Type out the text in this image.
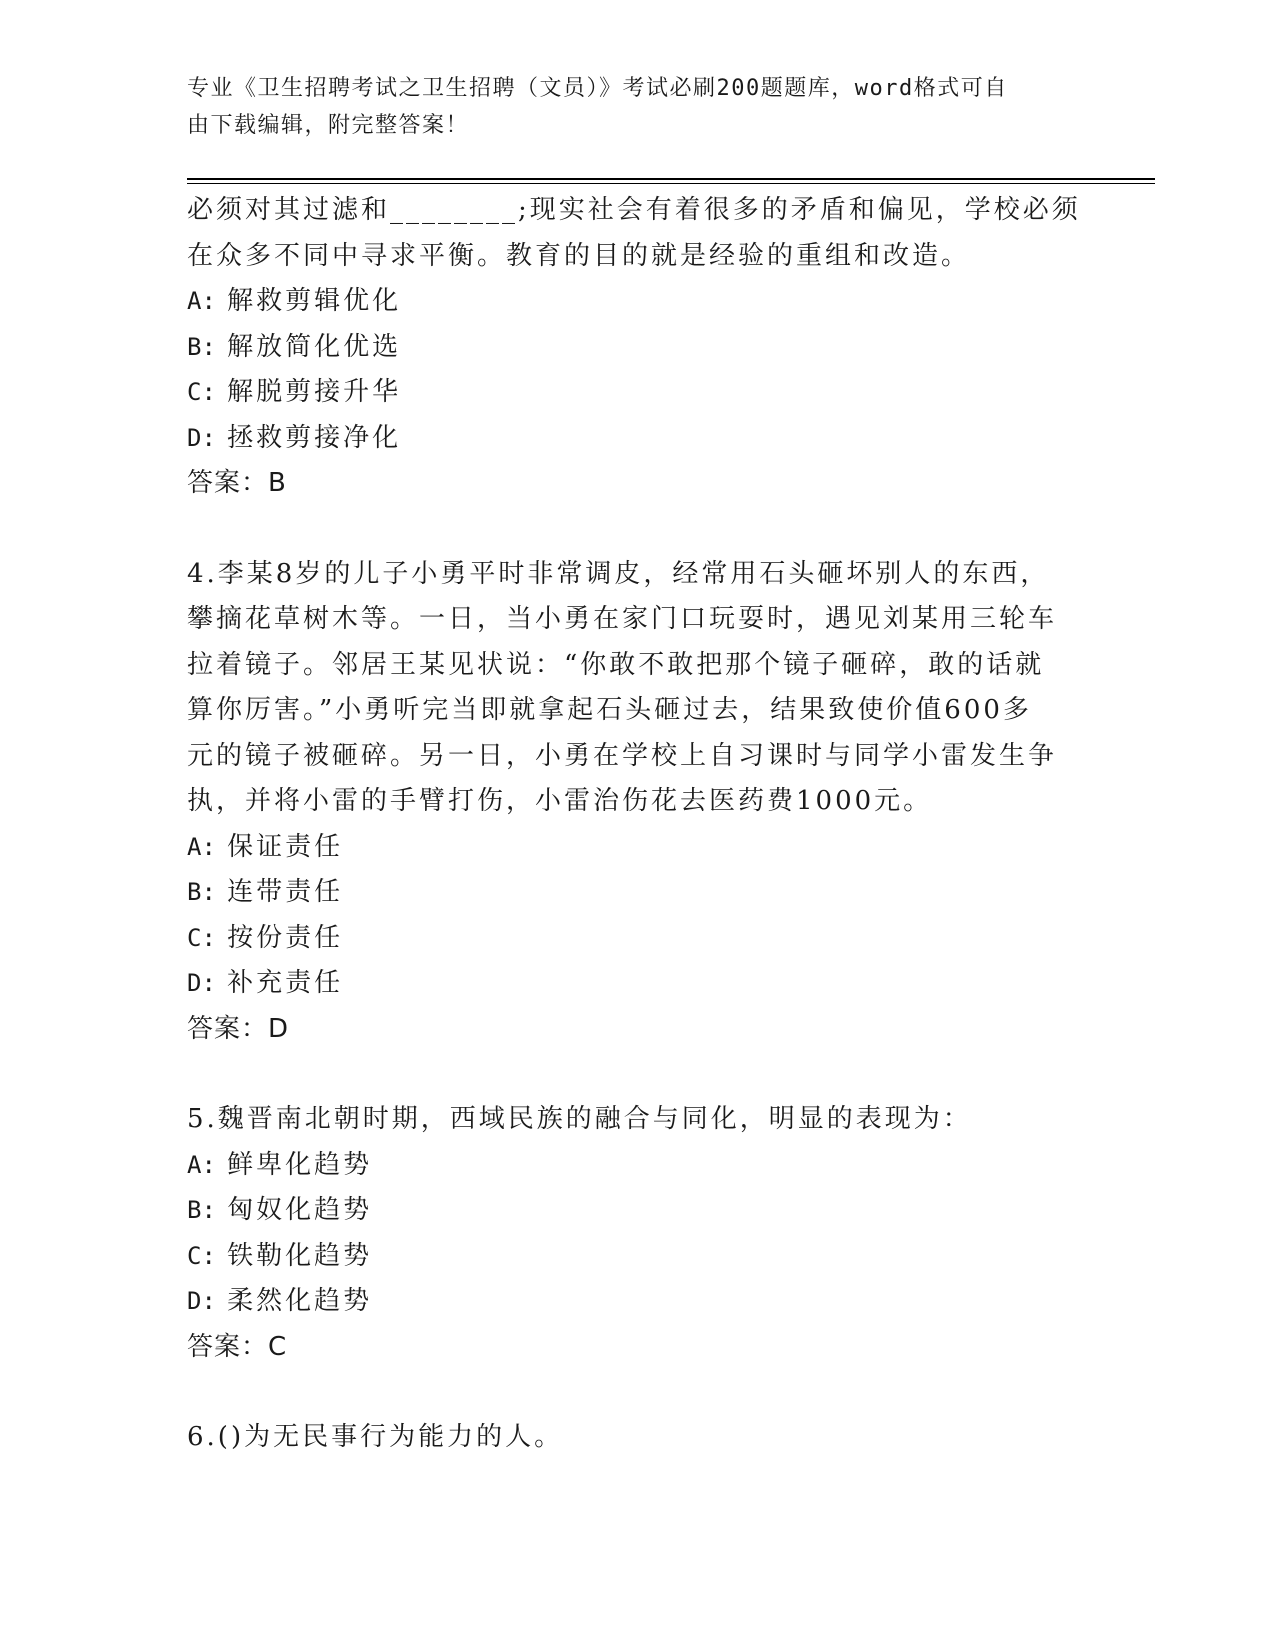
专业《卫生招聘考试之卫生招聘（文员）》考试必刷200题题库，word格式可自
由下载编辑，附完整答案！

必须对其过滤和________;现实社会有着很多的矛盾和偏见，学校必须

在众多不同中寻求平衡。教育的目的就是经验的重组和改造。

A: 解救剪辑优化

B: 解放简化优选

C: 解脱剪接升华

D: 拯救剪接净化

答案：B

4.李某8岁的儿子小勇平时非常调皮，经常用石头砸坏别人的东西，

攀摘花草树木等。一日，当小勇在家门口玩耍时，遇见刘某用三轮车

拉着镜子。邻居王某见状说：“你敢不敢把那个镜子砸碎，敢的话就

算你厉害。”小勇听完当即就拿起石头砸过去，结果致使价值600多

元的镜子被砸碎。另一日，小勇在学校上自习课时与同学小雷发生争

执，并将小雷的手臂打伤，小雷治伤花去医药费1000元。

A: 保证责任

B: 连带责任

C: 按份责任

D: 补充责任

答案：D

5.魏晋南北朝时期，西域民族的融合与同化，明显的表现为：

A: 鲜卑化趋势

B: 匈奴化趋势

C: 铁勒化趋势

D: 柔然化趋势

答案：C

6.()为无民事行为能力的人。
